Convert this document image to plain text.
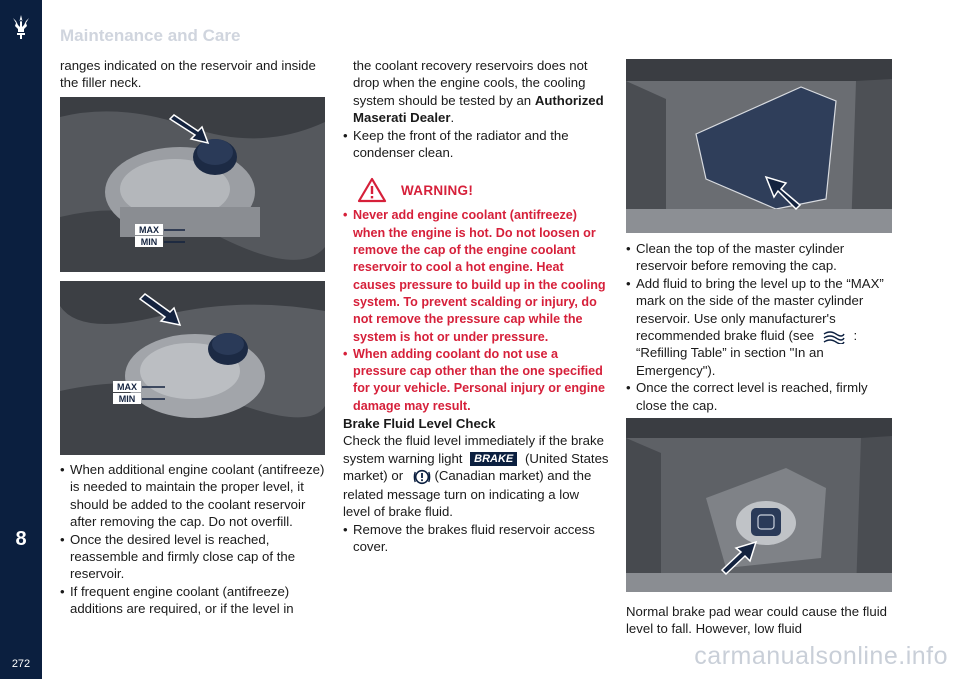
8
272
Maintenance and Care

ranges indicated on the reservoir and inside the filler neck.

MAX
MIN
MAX
MIN

• When additional engine coolant (antifreeze) is needed to maintain the proper level, it should be added to the coolant reservoir after removing the cap. Do not overfill.

• Once the desired level is reached, reassemble and firmly close cap of the reservoir.

• If frequent engine coolant (antifreeze) additions are required, or if the level in

the coolant recovery reservoirs does not drop when the engine cools, the cooling system should be tested by an Authorized Maserati Dealer.

• Keep the front of the radiator and the condenser clean.

WARNING!

• Never add engine coolant (antifreeze) when the engine is hot. Do not loosen or remove the cap of the engine coolant reservoir to cool a hot engine. Heat causes pressure to build up in the cooling system. To prevent scalding or injury, do not remove the pressure cap while the system is hot or under pressure.

• When adding coolant do not use a pressure cap other than the one specified for your vehicle. Personal injury or engine damage may result.

Brake Fluid Level Check

Check the fluid level immediately if the brake system warning light BRAKE (United States market) or (Canadian market) and the related message turn on indicating a low level of brake fluid.

• Remove the brakes fluid reservoir access cover.

• Clean the top of the master cylinder reservoir before removing the cap.

• Add fluid to bring the level up to the “MAX” mark on the side of the master cylinder reservoir. Use only manufacturer's recommended brake fluid (see	: “Refilling Table” in section "In an Emergency").

• Once the correct level is reached, firmly close the cap.

Normal brake pad wear could cause the fluid level to fall. However, low fluid

carmanualsonline.info
